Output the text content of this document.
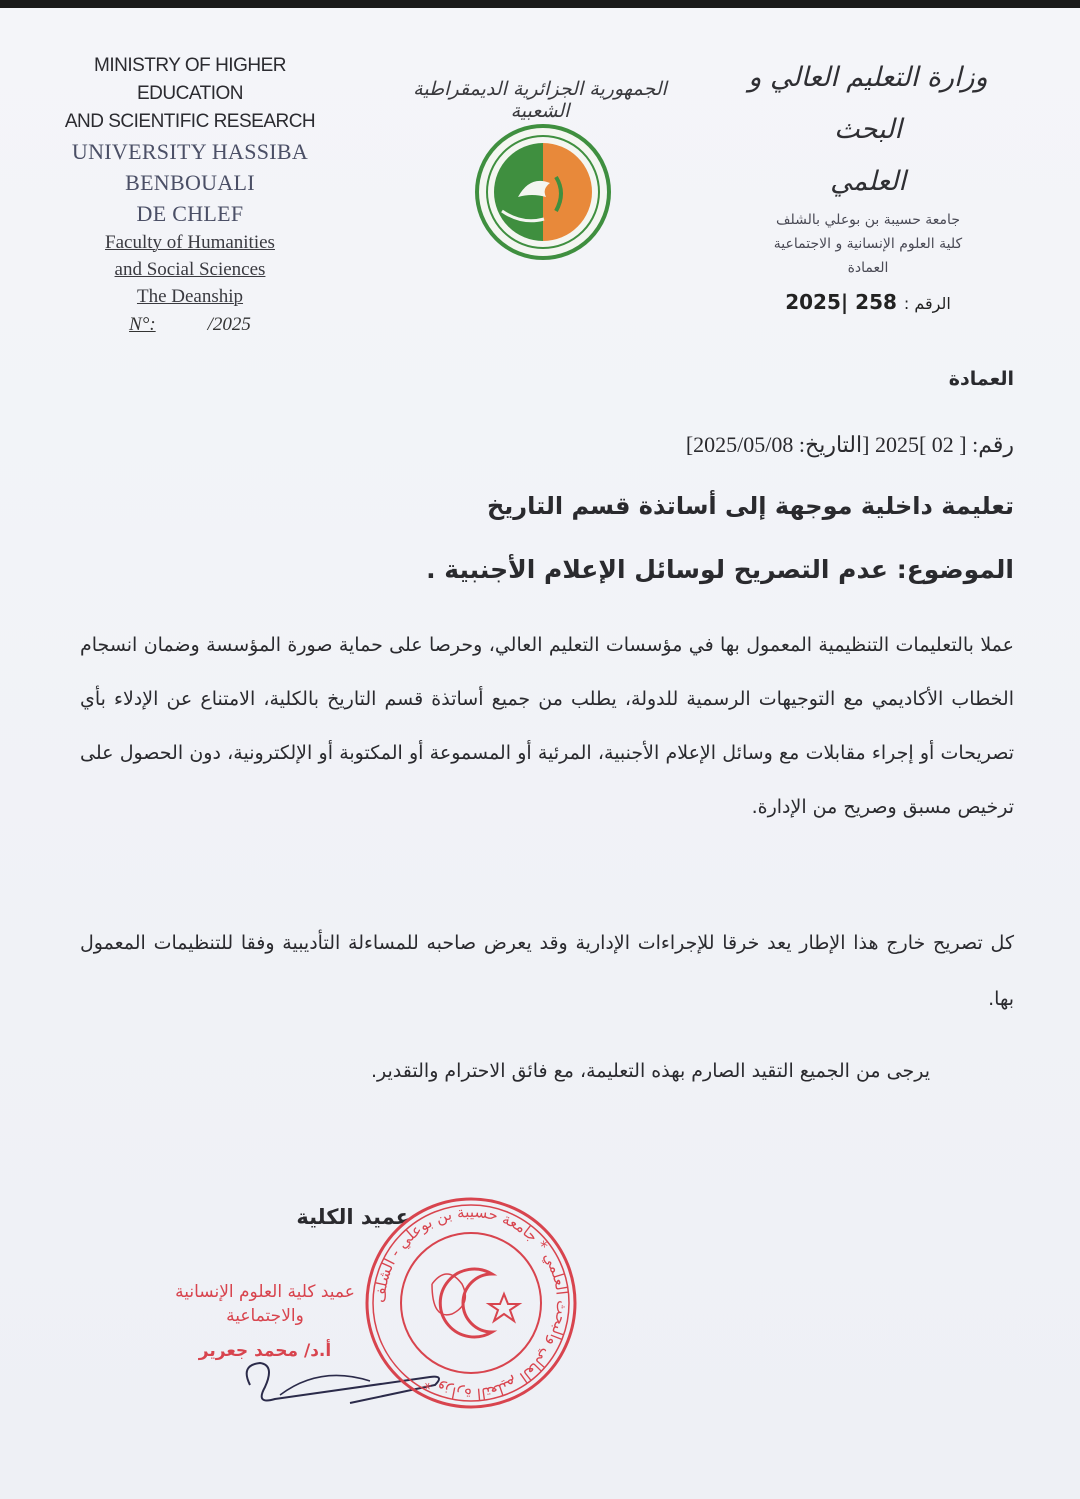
MINISTRY OF HIGHER EDUCATION
AND SCIENTIFIC RESEARCH
UNIVERSITY HASSIBA
BENBOUALI
DE CHLEF
Faculty of Humanities
and Social Sciences
The Deanship
N°:	/2025
الجمهورية الجزائرية الديمقراطية الشعبية
وزارة التعليم العالي و البحث
العلمي
جامعة حسيبة بن بوعلي بالشلف
كلية العلوم الإنسانية و الاجتماعية
العمادة
الرقم : 258 |2025
العمادة
رقم: [ 02 ]2025 [التاريخ: 2025/05/08]
تعليمة داخلية موجهة إلى أساتذة قسم التاريخ
الموضوع: عدم التصريح لوسائل الإعلام الأجنبية .
عملا بالتعليمات التنظيمية المعمول بها في مؤسسات التعليم العالي، وحرصا على حماية صورة المؤسسة وضمان انسجام الخطاب الأكاديمي مع التوجيهات الرسمية للدولة، يطلب من جميع أساتذة قسم التاريخ بالكلية، الامتناع عن الإدلاء بأي تصريحات أو إجراء مقابلات مع وسائل الإعلام الأجنبية، المرئية أو المسموعة أو المكتوبة أو الإلكترونية، دون الحصول على ترخيص مسبق وصريح من الإدارة.
كل تصريح خارج هذا الإطار يعد خرقا للإجراءات الإدارية وقد يعرض صاحبه للمساءلة التأديبية وفقا للتنظيمات المعمول بها.
يرجى من الجميع التقيد الصارم بهذه التعليمة، مع فائق الاحترام والتقدير.
عميد الكلية
عميد كلية العلوم الإنسانية
والاجتماعية
أ.د/ محمد جعرير
وزارة التعليم العالي والبحث العلمي * جامعة حسيبة بن بوعلي - الشلف *
